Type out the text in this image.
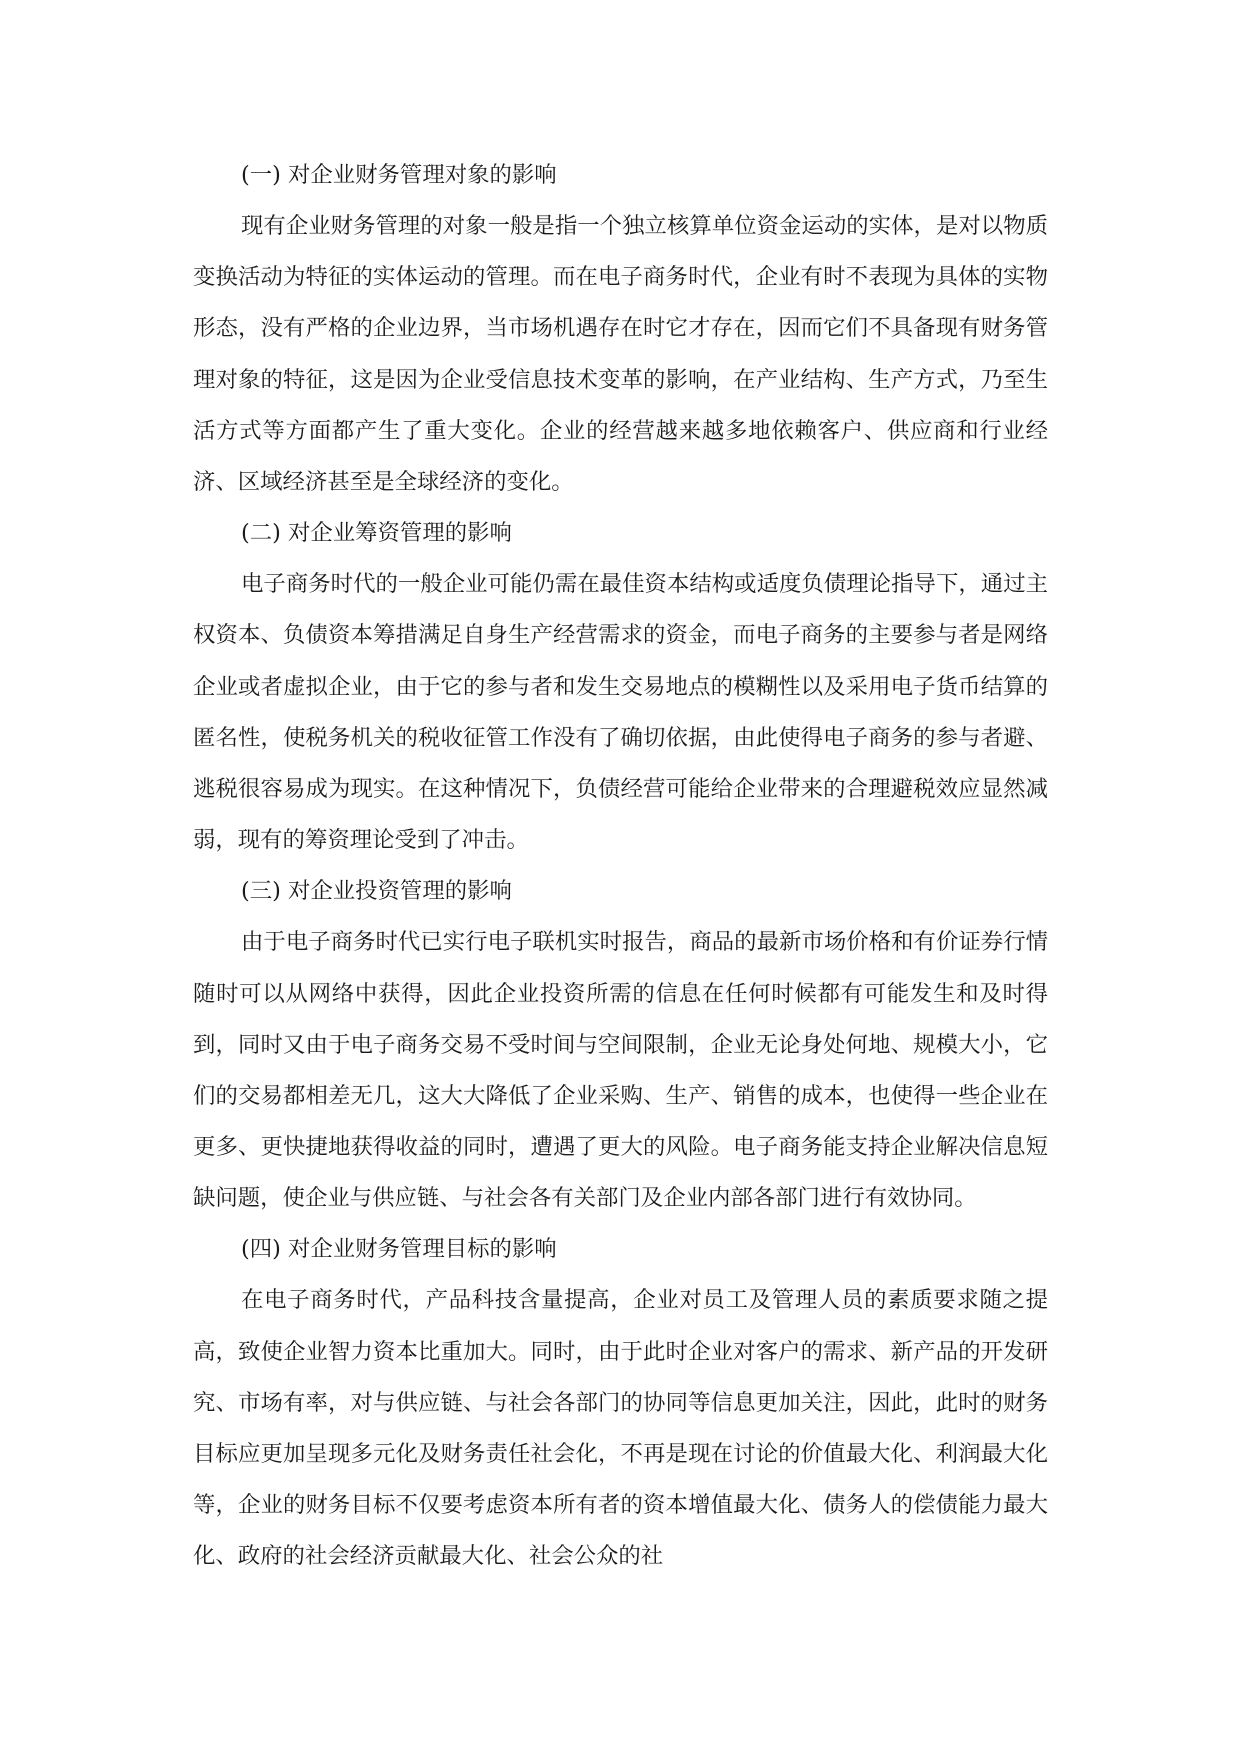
(一) 对企业财务管理对象的影响

现有企业财务管理的对象一般是指一个独立核算单位资金运动的实体，是对以物质变换活动为特征的实体运动的管理。而在电子商务时代，企业有时不表现为具体的实物形态，没有严格的企业边界，当市场机遇存在时它才存在，因而它们不具备现有财务管理对象的特征，这是因为企业受信息技术变革的影响，在产业结构、生产方式，乃至生活方式等方面都产生了重大变化。企业的经营越来越多地依赖客户、供应商和行业经济、区域经济甚至是全球经济的变化。

(二) 对企业筹资管理的影响

电子商务时代的一般企业可能仍需在最佳资本结构或适度负债理论指导下，通过主权资本、负债资本筹措满足自身生产经营需求的资金，而电子商务的主要参与者是网络企业或者虚拟企业，由于它的参与者和发生交易地点的模糊性以及采用电子货币结算的匿名性，使税务机关的税收征管工作没有了确切依据，由此使得电子商务的参与者避、逃税很容易成为现实。在这种情况下，负债经营可能给企业带来的合理避税效应显然减弱，现有的筹资理论受到了冲击。

(三) 对企业投资管理的影响

由于电子商务时代已实行电子联机实时报告，商品的最新市场价格和有价证券行情随时可以从网络中获得，因此企业投资所需的信息在任何时候都有可能发生和及时得到，同时又由于电子商务交易不受时间与空间限制，企业无论身处何地、规模大小，它们的交易都相差无几，这大大降低了企业采购、生产、销售的成本，也使得一些企业在更多、更快捷地获得收益的同时，遭遇了更大的风险。电子商务能支持企业解决信息短缺问题，使企业与供应链、与社会各有关部门及企业内部各部门进行有效协同。

(四) 对企业财务管理目标的影响

在电子商务时代，产品科技含量提高，企业对员工及管理人员的素质要求随之提高，致使企业智力资本比重加大。同时，由于此时企业对客户的需求、新产品的开发研究、市场有率，对与供应链、与社会各部门的协同等信息更加关注，因此，此时的财务目标应更加呈现多元化及财务责任社会化，不再是现在讨论的价值最大化、利润最大化等，企业的财务目标不仅要考虑资本所有者的资本增值最大化、债务人的偿债能力最大化、政府的社会经济贡献最大化、社会公众的社
